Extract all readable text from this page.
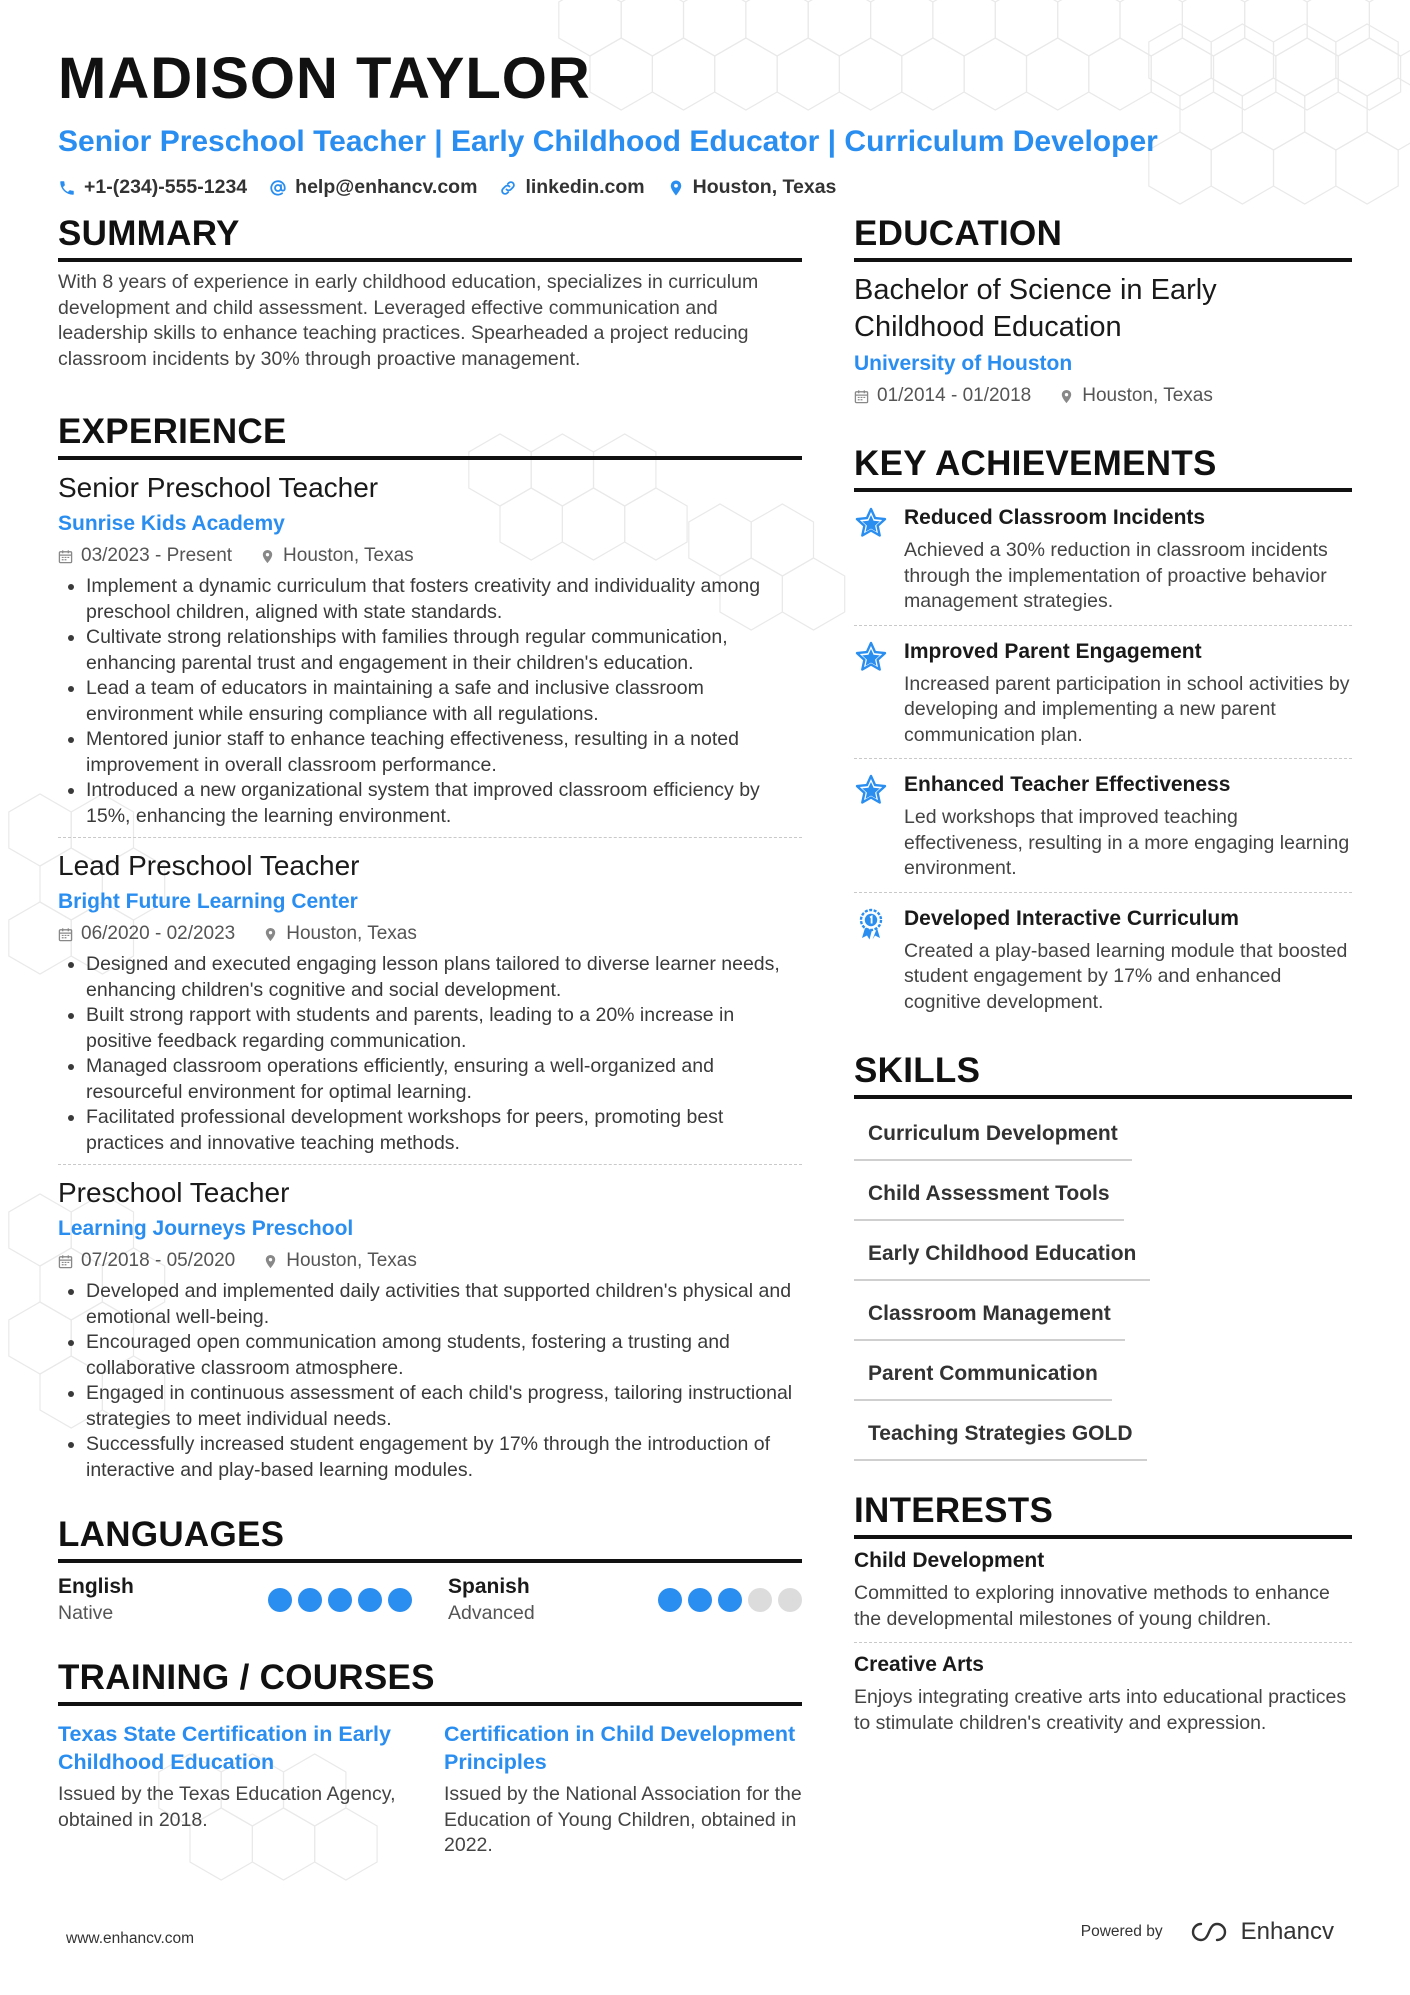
MADISON TAYLOR
Senior Preschool Teacher | Early Childhood Educator | Curriculum Developer
+1-(234)-555-1234 help@enhancv.com linkedin.com Houston, Texas
SUMMARY

With 8 years of experience in early childhood education, specializes in curriculum development and child assessment. Leveraged effective communication and leadership skills to enhance teaching practices. Spearheaded a project reducing classroom incidents by 30% through proactive management.

EXPERIENCE
Senior Preschool Teacher
Sunrise Kids Academy
03/2023 - Present	Houston, Texas
• Implement a dynamic curriculum that fosters creativity and individuality among preschool children, aligned with state standards.
• Cultivate strong relationships with families through regular communication, enhancing parental trust and engagement in their children's education.
• Lead a team of educators in maintaining a safe and inclusive classroom environment while ensuring compliance with all regulations.
• Mentored junior staff to enhance teaching effectiveness, resulting in a noted improvement in overall classroom performance.
• Introduced a new organizational system that improved classroom efficiency by 15%, enhancing the learning environment.
Lead Preschool Teacher
Bright Future Learning Center
06/2020 - 02/2023	Houston, Texas
• Designed and executed engaging lesson plans tailored to diverse learner needs, enhancing children's cognitive and social development.
• Built strong rapport with students and parents, leading to a 20% increase in positive feedback regarding communication.
• Managed classroom operations efficiently, ensuring a well-organized and resourceful environment for optimal learning.
• Facilitated professional development workshops for peers, promoting best practices and innovative teaching methods.
Preschool Teacher
Learning Journeys Preschool
07/2018 - 05/2020	Houston, Texas
• Developed and implemented daily activities that supported children's physical and emotional well-being.
• Encouraged open communication among students, fostering a trusting and collaborative classroom atmosphere.
• Engaged in continuous assessment of each child's progress, tailoring instructional strategies to meet individual needs.
• Successfully increased student engagement by 17% through the introduction of interactive and play-based learning modules.
LANGUAGES
English
Native
Spanish
Advanced
TRAINING / COURSES
Texas State Certification in Early Childhood Education
Issued by the Texas Education Agency, obtained in 2018.
Certification in Child Development Principles
Issued by the National Association for the Education of Young Children, obtained in 2022.
EDUCATION
Bachelor of Science in Early Childhood Education
University of Houston
01/2014 - 01/2018	Houston, Texas
KEY ACHIEVEMENTS
Reduced Classroom Incidents
Achieved a 30% reduction in classroom incidents through the implementation of proactive behavior management strategies.
Improved Parent Engagement
Increased parent participation in school activities by developing and implementing a new parent communication plan.
Enhanced Teacher Effectiveness
Led workshops that improved teaching effectiveness, resulting in a more engaging learning environment.
Developed Interactive Curriculum
Created a play-based learning module that boosted student engagement by 17% and enhanced cognitive development.
SKILLS
Curriculum Development
Child Assessment Tools
Early Childhood Education
Classroom Management
Parent Communication
Teaching Strategies GOLD
INTERESTS
Child Development
Committed to exploring innovative methods to enhance the developmental milestones of young children.
Creative Arts
Enjoys integrating creative arts into educational practices to stimulate children's creativity and expression.
www.enhancv.com	Powered by	Enhancv
